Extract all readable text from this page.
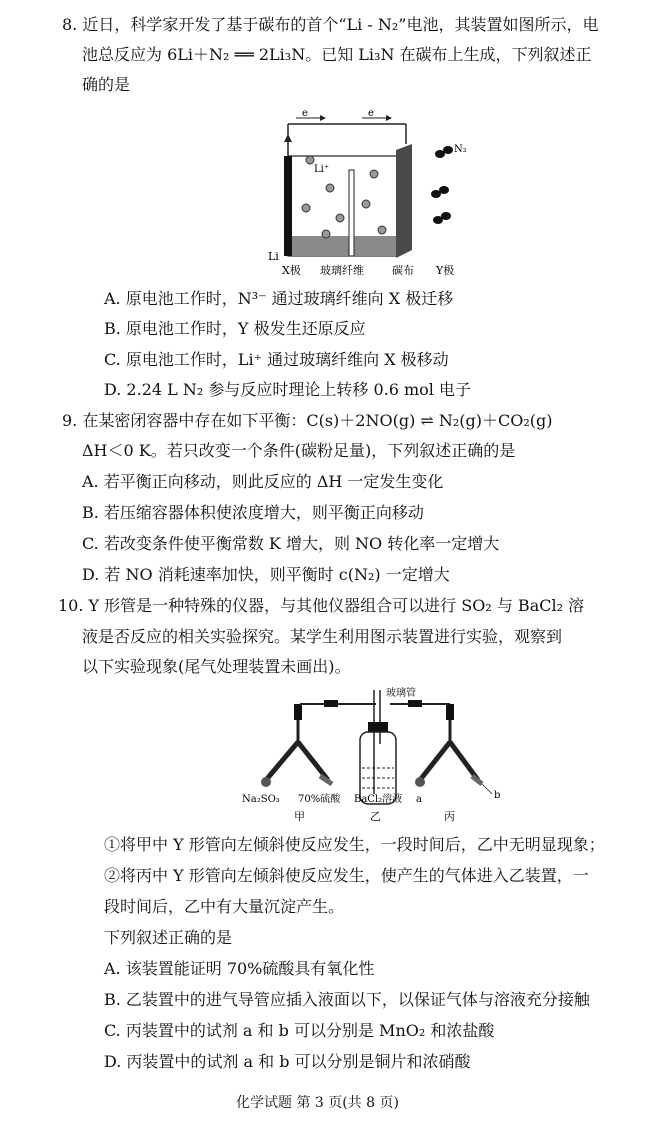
8. 近日，科学家开发了基于碳布的首个“Li - N₂”电池，其装置如图所示，电
池总反应为 6Li＋N₂ ══ 2Li₃N。已知 Li₃N 在碳布上生成，下列叙述正
确的是
e	e
Li⁺
N₂
Li
X极 玻璃纤维	碳布 Y极
A. 原电池工作时，N³⁻ 通过玻璃纤维向 X 极迁移
B. 原电池工作时，Y 极发生还原反应
C. 原电池工作时，Li⁺ 通过玻璃纤维向 X 极移动
D. 2.24 L N₂ 参与反应时理论上转移 0.6 mol 电子
9. 在某密闭容器中存在如下平衡：C(s)＋2NO(g) ⇌ N₂(g)＋CO₂(g)
ΔH＜0 K。若只改变一个条件(碳粉足量)，下列叙述正确的是
A. 若平衡正向移动，则此反应的 ΔH 一定发生变化
B. 若压缩容器体积使浓度增大，则平衡正向移动
C. 若改变条件使平衡常数 K 增大，则 NO 转化率一定增大
D. 若 NO 消耗速率加快，则平衡时 c(N₂) 一定增大
10. Y 形管是一种特殊的仪器，与其他仪器组合可以进行 SO₂ 与 BaCl₂ 溶
液是否反应的相关实验探究。某学生利用图示装置进行实验，观察到
以下实验现象(尾气处理装置未画出)。
玻璃管
Na₂SO₃ 70%硫酸 BaCl₂溶液 a	b
甲	乙	丙
①将甲中 Y 形管向左倾斜使反应发生，一段时间后，乙中无明显现象；
②将丙中 Y 形管向左倾斜使反应发生，使产生的气体进入乙装置，一
段时间后，乙中有大量沉淀产生。
下列叙述正确的是
A. 该装置能证明 70%硫酸具有氧化性
B. 乙装置中的进气导管应插入液面以下，以保证气体与溶液充分接触
C. 丙装置中的试剂 a 和 b 可以分别是 MnO₂ 和浓盐酸
D. 丙装置中的试剂 a 和 b 可以分别是铜片和浓硝酸
化学试题 第 3 页(共 8 页)
